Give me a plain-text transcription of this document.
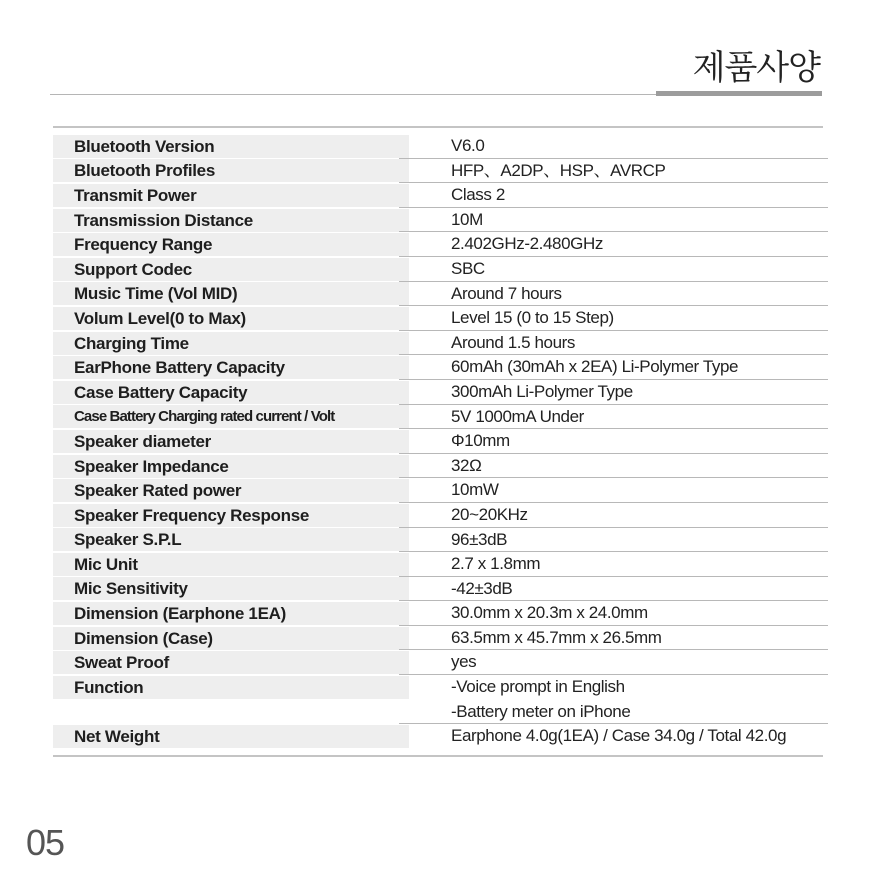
제품사양
Bluetooth Version	V6.0
Bluetooth Profiles	HFP、A2DP、HSP、AVRCP
Transmit Power	Class 2
Transmission Distance	10M
Frequency Range	2.402GHz-2.480GHz
Support Codec	SBC
Music Time (Vol MID)	Around 7 hours
Volum Level(0 to Max)	Level 15 (0 to 15 Step)
Charging Time	Around 1.5 hours
EarPhone Battery Capacity	60mAh (30mAh x 2EA) Li-Polymer Type
Case Battery Capacity	300mAh Li-Polymer Type
Case Battery Charging rated current / Volt	5V 1000mA Under
Speaker diameter	Φ10mm
Speaker Impedance	32Ω
Speaker Rated power	10mW
Speaker Frequency Response	20~20KHz
Speaker S.P.L	96±3dB
Mic Unit	2.7 x 1.8mm
Mic Sensitivity	-42±3dB
Dimension (Earphone 1EA)	30.0mm x 20.3m x 24.0mm
Dimension (Case)	63.5mm x 45.7mm x 26.5mm
Sweat Proof	yes
Function	-Voice prompt in English
-Battery meter on iPhone
Net Weight	Earphone 4.0g(1EA) / Case 34.0g / Total 42.0g
05
